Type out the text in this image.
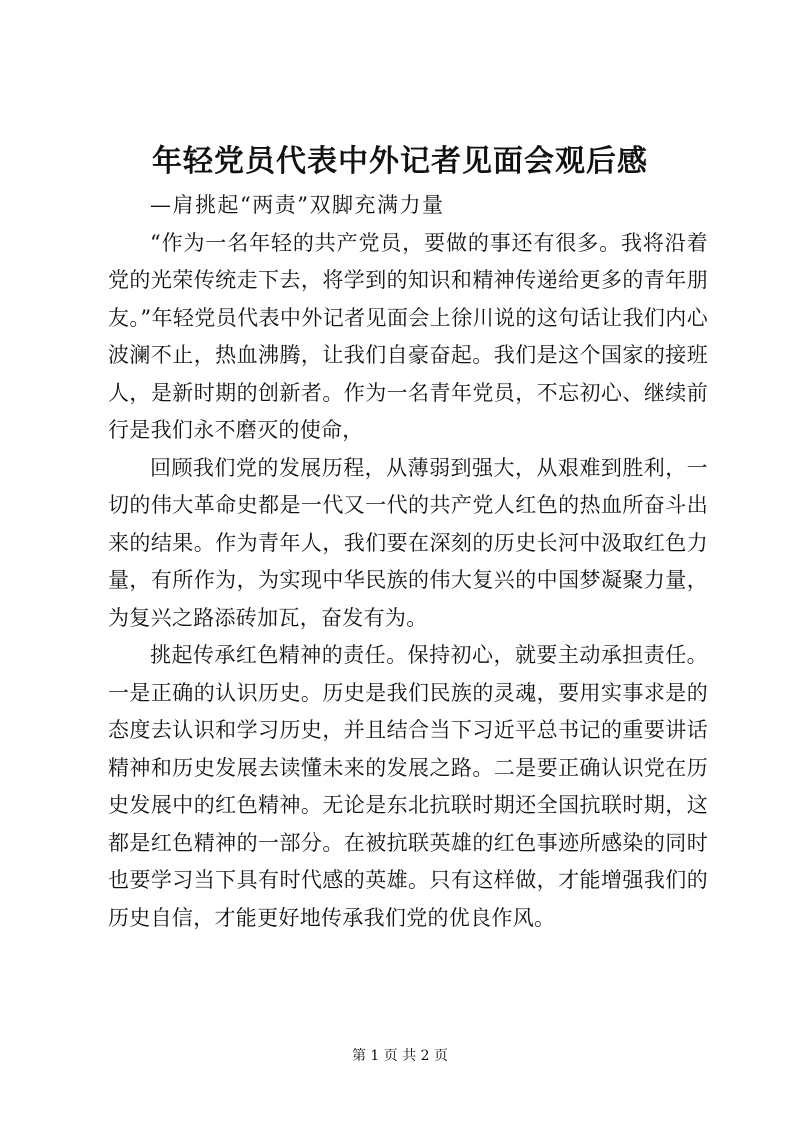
年轻党员代表中外记者见面会观后感

—肩挑起“两责”双脚充满力量

“作为一名年轻的共产党员，要做的事还有很多。我将沿着党的光荣传统走下去，将学到的知识和精神传递给更多的青年朋友。”年轻党员代表中外记者见面会上徐川说的这句话让我们内心波澜不止，热血沸腾，让我们自豪奋起。我们是这个国家的接班人，是新时期的创新者。作为一名青年党员，不忘初心、继续前行是我们永不磨灭的使命，

回顾我们党的发展历程，从薄弱到强大，从艰难到胜利，一切的伟大革命史都是一代又一代的共产党人红色的热血所奋斗出来的结果。作为青年人，我们要在深刻的历史长河中汲取红色力量，有所作为，为实现中华民族的伟大复兴的中国梦凝聚力量，为复兴之路添砖加瓦，奋发有为。

挑起传承红色精神的责任。保持初心，就要主动承担责任。一是正确的认识历史。历史是我们民族的灵魂，要用实事求是的态度去认识和学习历史，并且结合当下习近平总书记的重要讲话精神和历史发展去读懂未来的发展之路。二是要正确认识党在历史发展中的红色精神。无论是东北抗联时期还全国抗联时期，这都是红色精神的一部分。在被抗联英雄的红色事迹所感染的同时也要学习当下具有时代感的英雄。只有这样做，才能增强我们的历史自信，才能更好地传承我们党的优良作风。

第 1 页 共 2 页
